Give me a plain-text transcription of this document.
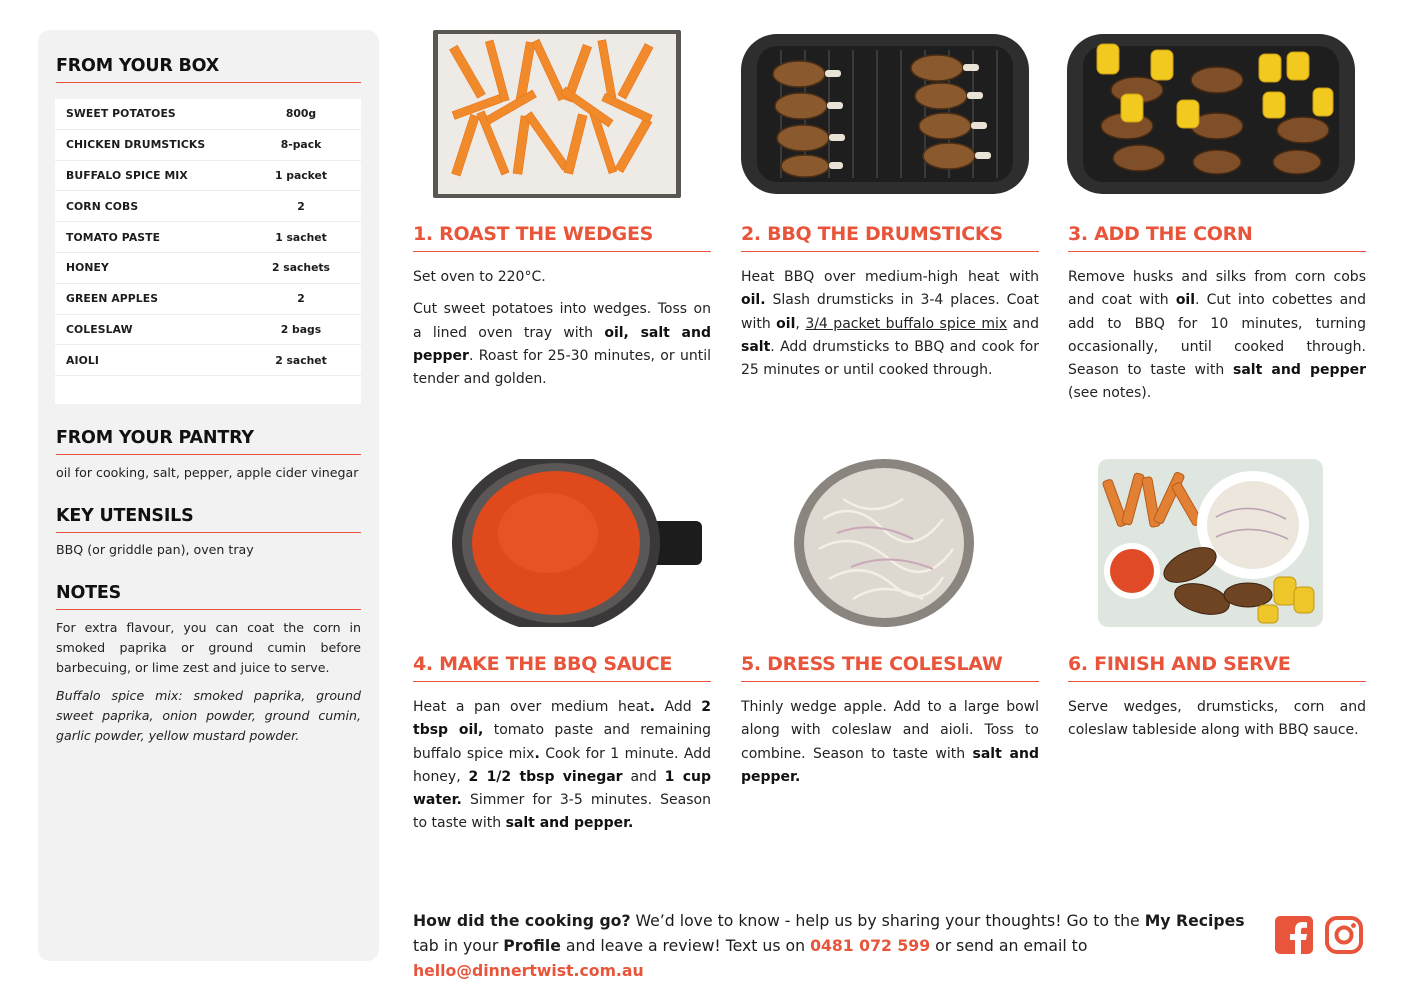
FROM YOUR BOX
SWEET POTATOES	800g
CHICKEN DRUMSTICKS	8-pack
BUFFALO SPICE MIX	1 packet
CORN COBS	2
TOMATO PASTE	1 sachet
HONEY	2 sachets
GREEN APPLES	2
COLESLAW	2 bags
AIOLI	2 sachet
FROM YOUR PANTRY
oil for cooking, salt, pepper, apple cider vinegar
KEY UTENSILS
BBQ (or griddle pan), oven tray
NOTES
For extra flavour, you can coat the corn in smoked paprika or ground cumin before barbecuing, or lime zest and juice to serve.
Buffalo spice mix: smoked paprika, ground sweet paprika, onion powder, ground cumin, garlic powder, yellow mustard powder.
1. ROAST THE WEDGES	2. BBQ THE DRUMSTICKS	3. ADD THE CORN
4. MAKE THE BBQ SAUCE	5. DRESS THE COLESLAW	6. FINISH AND SERVE

Set oven to 220°C.

Cut sweet potatoes into wedges. Toss on a lined oven tray with oil, salt and pepper. Roast for 25-30 minutes, or until tender and golden.

Heat BBQ over medium-high heat with oil. Slash drumsticks in 3-4 places. Coat with oil, 3/4 packet buffalo spice mix and salt. Add drumsticks to BBQ and cook for 25 minutes or until cooked through.

Remove husks and silks from corn cobs and coat with oil. Cut into cobettes and add to BBQ for 10 minutes, turning occasionally, until cooked through. Season to taste with salt and pepper (see notes).

Heat a pan over medium heat. Add 2 tbsp oil, tomato paste and remaining buffalo spice mix. Cook for 1 minute. Add honey, 2 1/2 tbsp vinegar and 1 cup water. Simmer for 3-5 minutes. Season to taste with salt and pepper.

Thinly wedge apple. Add to a large bowl along with coleslaw and aioli. Toss to combine. Season to taste with salt and pepper.

Serve wedges, drumsticks, corn and coleslaw tableside along with BBQ sauce.

How did the cooking go? We’d love to know - help us by sharing your thoughts! Go to the My Recipes tab in your Profile and leave a review! Text us on 0481 072 599 or send an email to hello@dinnertwist.com.au
